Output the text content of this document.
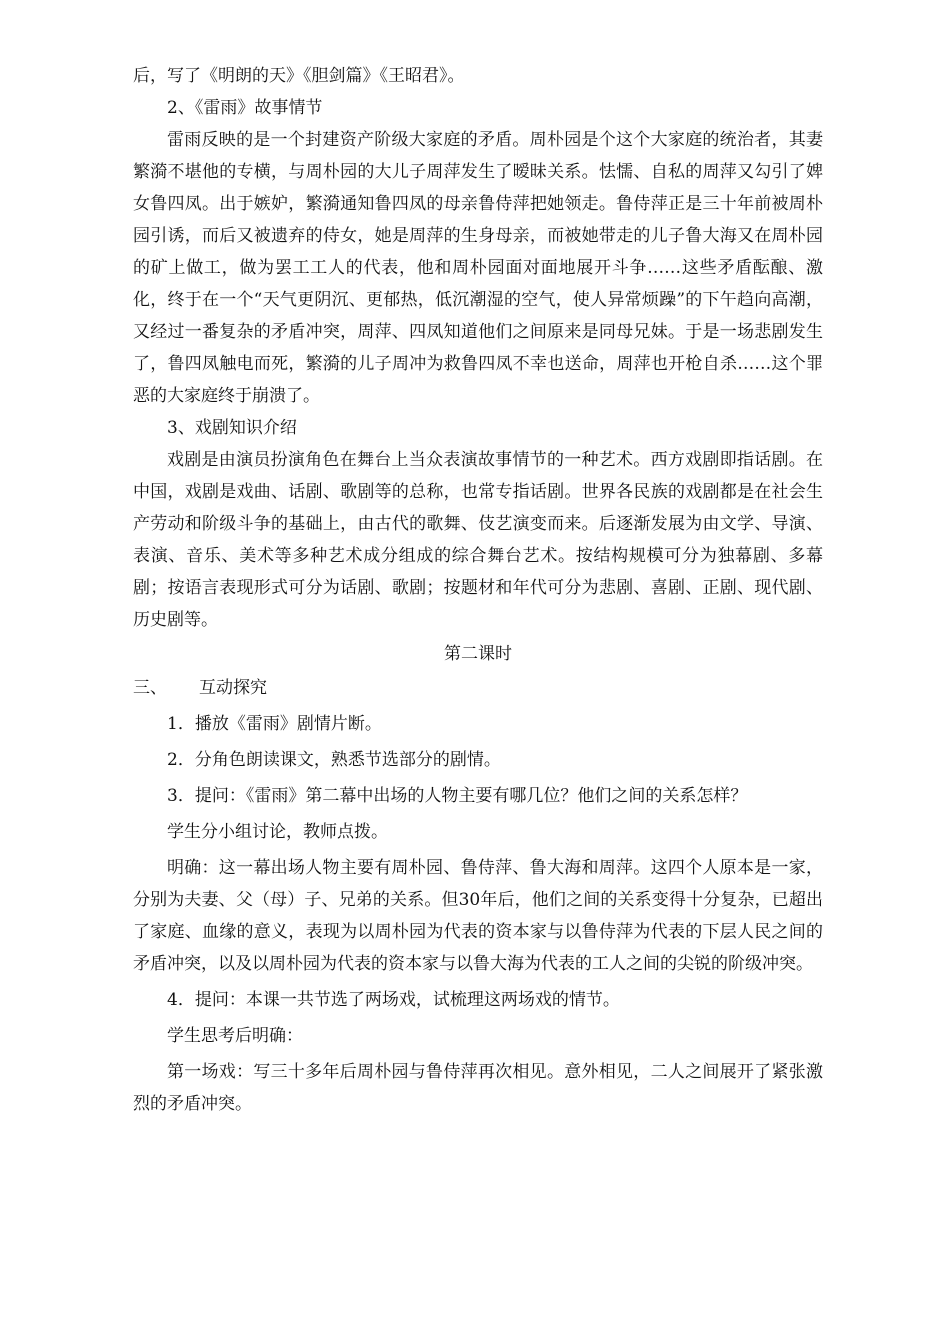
后，写了《明朗的天》《胆剑篇》《王昭君》。

2、《雷雨》故事情节

雷雨反映的是一个封建资产阶级大家庭的矛盾。周朴园是个这个大家庭的统治者，其妻繁漪不堪他的专横，与周朴园的大儿子周萍发生了暧昧关系。怯懦、自私的周萍又勾引了婢女鲁四凤。出于嫉妒，繁漪通知鲁四凤的母亲鲁侍萍把她领走。鲁侍萍正是三十年前被周朴园引诱，而后又被遗弃的侍女，她是周萍的生身母亲，而被她带走的儿子鲁大海又在周朴园的矿上做工，做为罢工工人的代表，他和周朴园面对面地展开斗争……这些矛盾酝酿、激化，终于在一个“天气更阴沉、更郁热，低沉潮湿的空气，使人异常烦躁”的下午趋向高潮，又经过一番复杂的矛盾冲突，周萍、四凤知道他们之间原来是同母兄妹。于是一场悲剧发生了，鲁四凤触电而死，繁漪的儿子周冲为救鲁四凤不幸也送命，周萍也开枪自杀……这个罪恶的大家庭终于崩溃了。

3、戏剧知识介绍

戏剧是由演员扮演角色在舞台上当众表演故事情节的一种艺术。西方戏剧即指话剧。在中国，戏剧是戏曲、话剧、歌剧等的总称，也常专指话剧。世界各民族的戏剧都是在社会生产劳动和阶级斗争的基础上，由古代的歌舞、伎艺演变而来。后逐渐发展为由文学、导演、表演、音乐、美术等多种艺术成分组成的综合舞台艺术。按结构规模可分为独幕剧、多幕剧；按语言表现形式可分为话剧、歌剧；按题材和年代可分为悲剧、喜剧、正剧、现代剧、历史剧等。

第二课时

三、 互动探究

1．播放《雷雨》剧情片断。

2．分角色朗读课文，熟悉节选部分的剧情。

3．提问：《雷雨》第二幕中出场的人物主要有哪几位？他们之间的关系怎样？

学生分小组讨论，教师点拨。

明确：这一幕出场人物主要有周朴园、鲁侍萍、鲁大海和周萍。这四个人原本是一家，分别为夫妻、父（母）子、兄弟的关系。但30年后，他们之间的关系变得十分复杂，已超出了家庭、血缘的意义，表现为以周朴园为代表的资本家与以鲁侍萍为代表的下层人民之间的矛盾冲突，以及以周朴园为代表的资本家与以鲁大海为代表的工人之间的尖锐的阶级冲突。

4．提问：本课一共节选了两场戏，试梳理这两场戏的情节。

学生思考后明确：

第一场戏：写三十多年后周朴园与鲁侍萍再次相见。意外相见，二人之间展开了紧张激烈的矛盾冲突。
